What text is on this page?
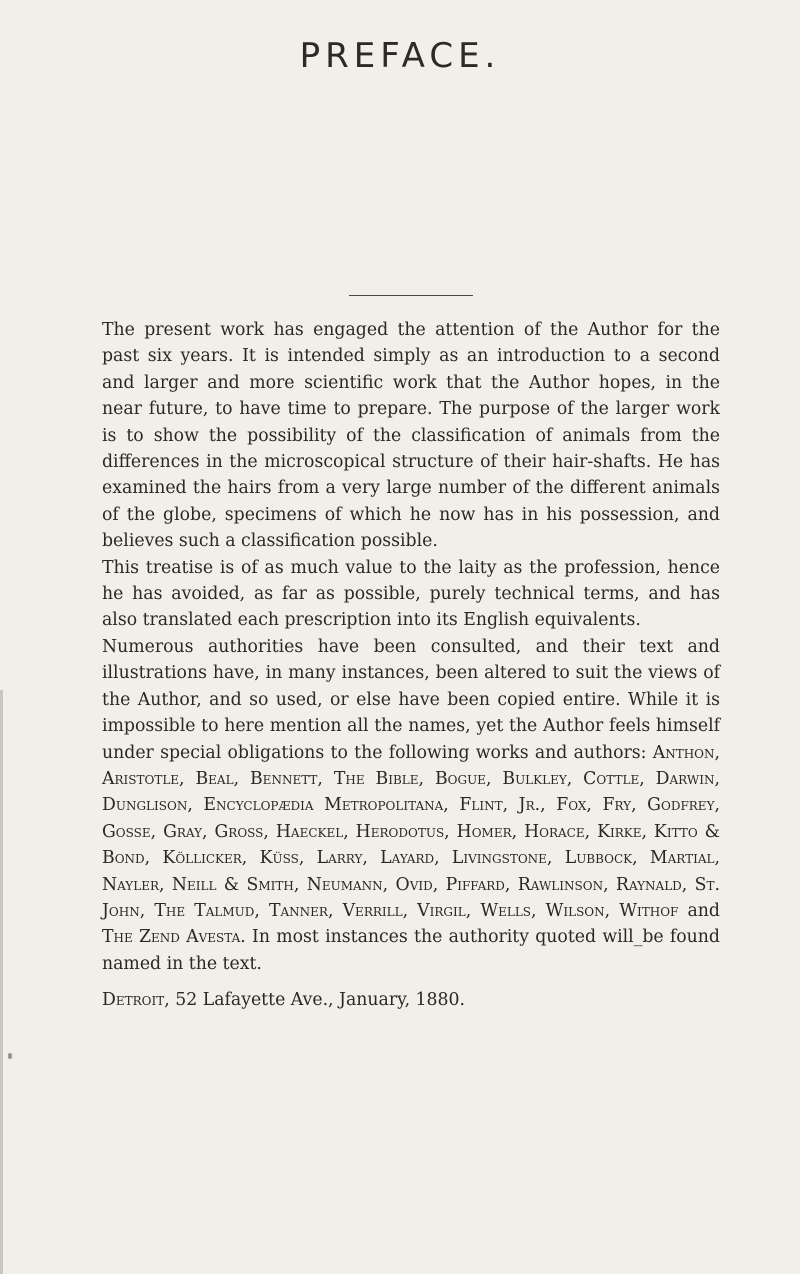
PREFACE.

The present work has engaged the attention of the Author for the past six years. It is intended simply as an introduction to a second and larger and more scientific work that the Author hopes, in the near future, to have time to prepare. The purpose of the larger work is to show the possibility of the classification of animals from the differences in the microscopical structure of their hair-shafts. He has examined the hairs from a very large number of the different animals of the globe, specimens of which he now has in his possession, and believes such a classification possible.

This treatise is of as much value to the laity as the profession, hence he has avoided, as far as possible, purely technical terms, and has also translated each prescription into its English equivalents.

Numerous authorities have been consulted, and their text and illustrations have, in many instances, been altered to suit the views of the Author, and so used, or else have been copied entire. While it is impossible to here mention all the names, yet the Author feels himself under special obligations to the following works and authors: Anthon, Aristotle, Beal, Bennett, The Bible, Bogue, Bulkley, Cottle, Darwin, Dunglison, Encyclopædia Metropolitana, Flint, Jr., Fox, Fry, Godfrey, Gosse, Gray, Gross, Haeckel, Herodotus, Homer, Horace, Kirke, Kitto & Bond, Köllicker, Küss, Larry, Layard, Livingstone, Lubbock, Martial, Nayler, Neill & Smith, Neumann, Ovid, Piffard, Rawlinson, Raynald, St. John, The Talmud, Tanner, Verrill, Virgil, Wells, Wilson, Withof and The Zend Avesta. In most instances the authority quoted will_be found named in the text.

Detroit, 52 Lafayette Ave., January, 1880.
